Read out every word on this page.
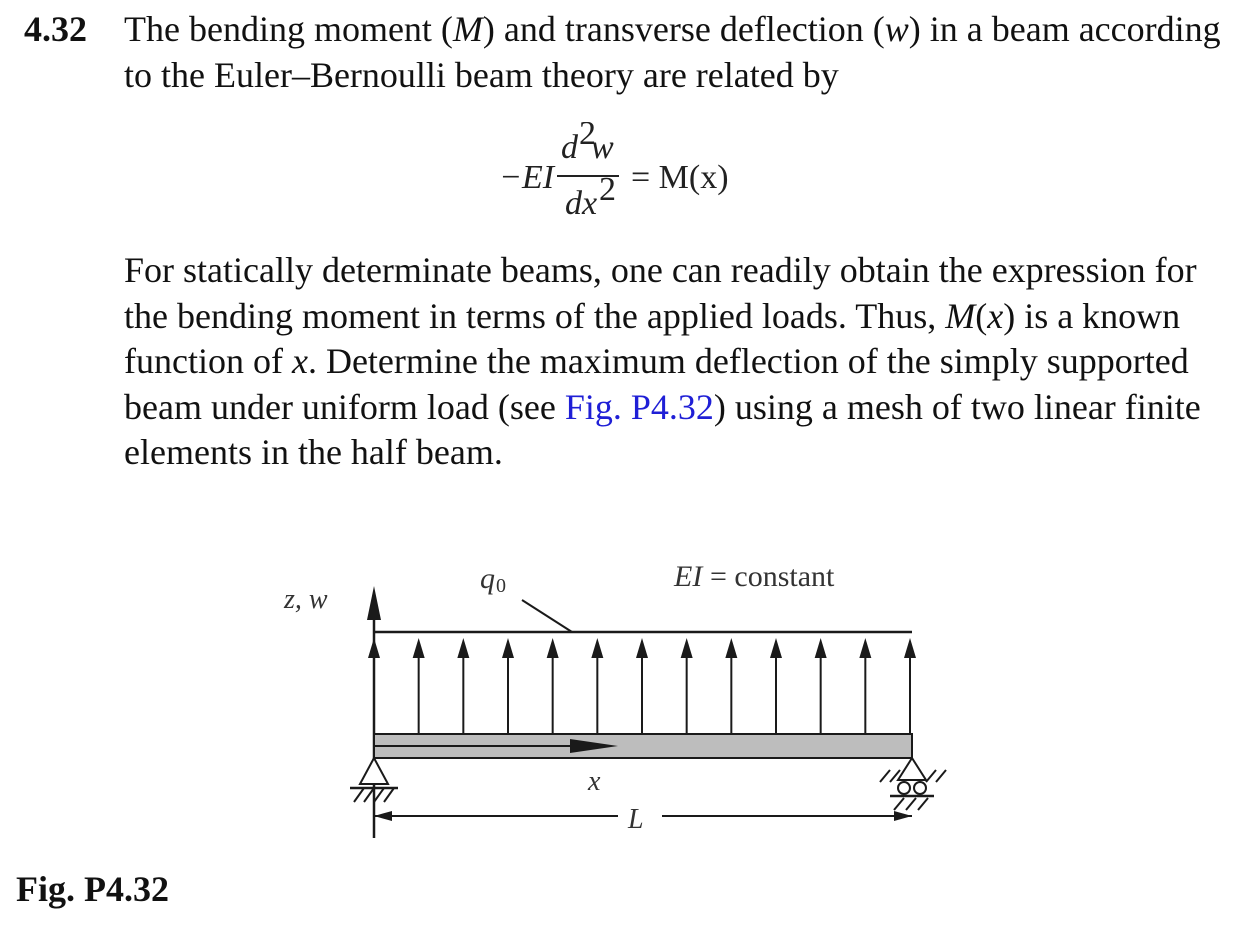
4.32 The bending moment (M) and transverse deflection (w) in a beam according to the Euler–Bernoulli beam theory are related by

−EI
d 2
w
dx 2 = M(x)

For statically determinate beams, one can readily obtain the expression for the bending moment in terms of the applied loads. Thus, M(x) is a known function of x. Determine the maximum deflection of the simply supported beam under uniform load (see Fig. P4.32) using a mesh of two linear finite elements in the half beam.

z, w
q 0	EI = constant
x
L
Fig. P4.32
